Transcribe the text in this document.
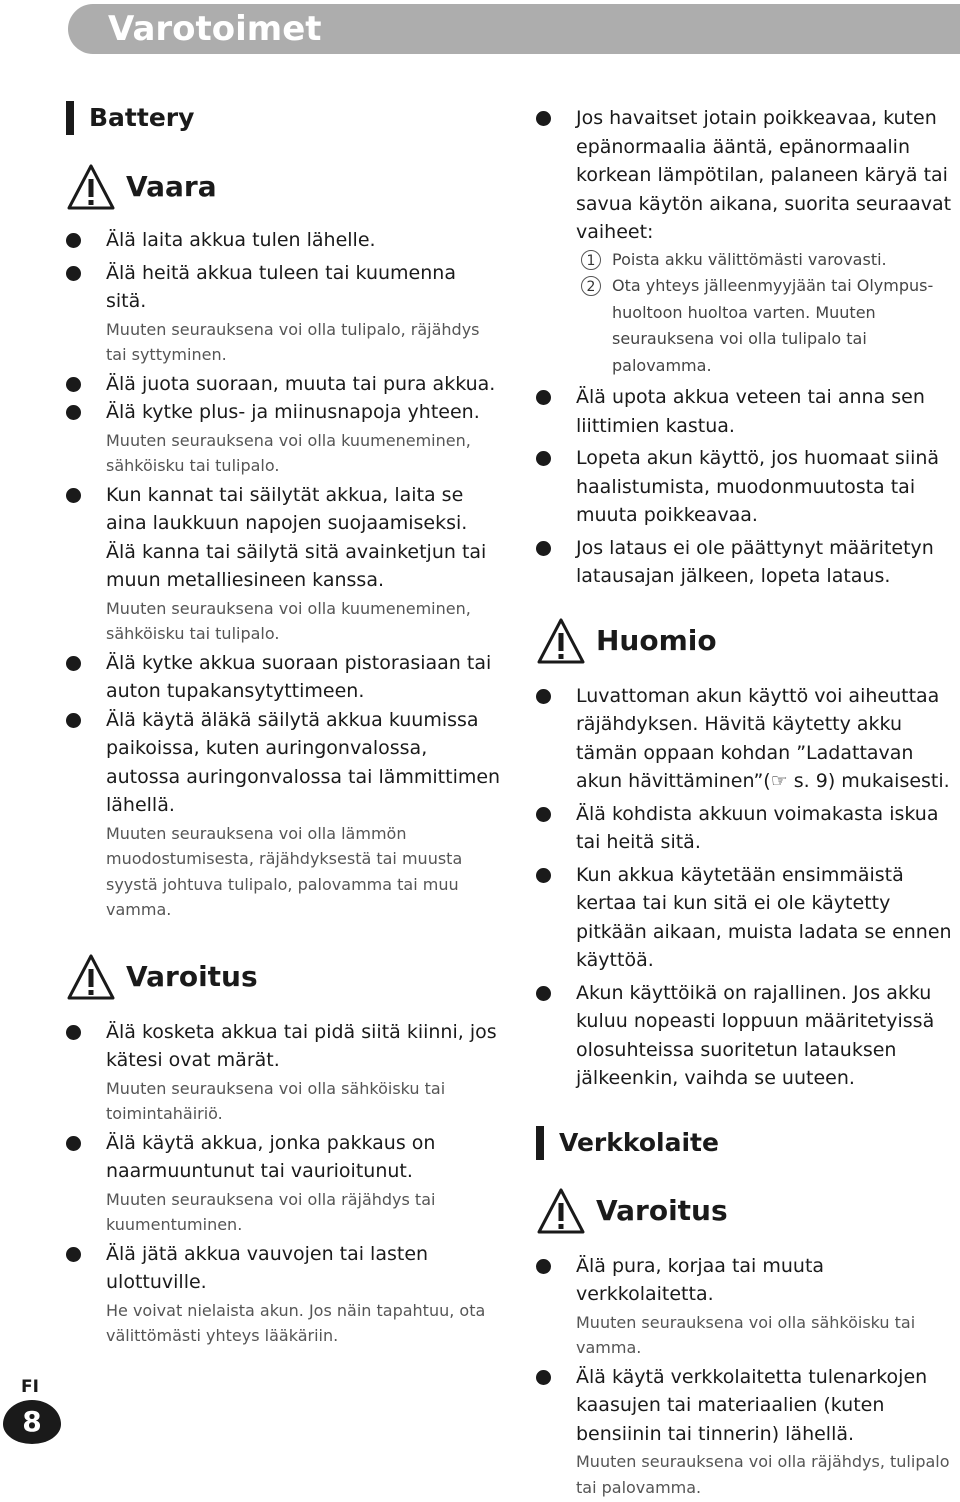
Varotoimet
Battery
Vaara

Älä laita akkua tulen lähelle.

Älä heitä akkua tuleen tai kuumenna sitä.

Muuten seurauksena voi olla tulipalo, räjähdys tai syttyminen.

Älä juota suoraan, muuta tai pura akkua.

Älä kytke plus- ja miinusnapoja yhteen.

Muuten seurauksena voi olla kuumeneminen, sähköisku tai tulipalo.

Kun kannat tai säilytät akkua, laita se aina laukkuun napojen suojaamiseksi. Älä kanna tai säilytä sitä avainketjun tai muun metalliesineen kanssa.

Muuten seurauksena voi olla kuumeneminen, sähköisku tai tulipalo.

Älä kytke akkua suoraan pistorasiaan tai auton tupakansytyttimeen.

Älä käytä äläkä säilytä akkua kuumissa paikoissa, kuten auringonvalossa, autossa auringonvalossa tai lämmittimen lähellä.

Muuten seurauksena voi olla lämmön muodostumisesta, räjähdyksestä tai muusta syystä johtuva tulipalo, palovamma tai muu vamma.

Varoitus

Älä kosketa akkua tai pidä siitä kiinni, jos kätesi ovat märät.

Muuten seurauksena voi olla sähköisku tai toimintahäiriö.

Älä käytä akkua, jonka pakkaus on naarmuuntunut tai vaurioitunut.

Muuten seurauksena voi olla räjähdys tai kuumentuminen.

Älä jätä akkua vauvojen tai lasten ulottuville.

He voivat nielaista akun. Jos näin tapahtuu, ota välittömästi yhteys lääkäriin.

Jos havaitset jotain poikkeavaa, kuten epänormaalia ääntä, epänormaalin korkean lämpötilan, palaneen käryä tai savua käytön aikana, suorita seuraavat vaiheet:

1	Poista akku välittömästi varovasti.
2	Ota yhteys jälleenmyyjään tai Olympus-huoltoon huoltoa varten. Muuten seurauksena voi olla tulipalo tai palovamma.

Älä upota akkua veteen tai anna sen liittimien kastua.

Lopeta akun käyttö, jos huomaat siinä haalistumista, muodonmuutosta tai muuta poikkeavaa.

Jos lataus ei ole päättynyt määritetyn latausajan jälkeen, lopeta lataus.

Huomio

Luvattoman akun käyttö voi aiheuttaa räjähdyksen. Hävitä käytetty akku tämän oppaan kohdan ”Ladattavan akun hävittäminen”(☞ s. 9) mukaisesti.

Älä kohdista akkuun voimakasta iskua tai heitä sitä.

Kun akkua käytetään ensimmäistä kertaa tai kun sitä ei ole käytetty pitkään aikaan, muista ladata se ennen käyttöä.

Akun käyttöikä on rajallinen. Jos akku kuluu nopeasti loppuun määritetyissä olosuhteissa suoritetun latauksen jälkeenkin, vaihda se uuteen.

Verkkolaite
Varoitus

Älä pura, korjaa tai muuta verkkolaitetta.

Muuten seurauksena voi olla sähköisku tai vamma.

Älä käytä verkkolaitetta tulenarkojen kaasujen tai materiaalien (kuten bensiinin tai tinnerin) lähellä.

Muuten seurauksena voi olla räjähdys, tulipalo tai palovamma.

FI
8
